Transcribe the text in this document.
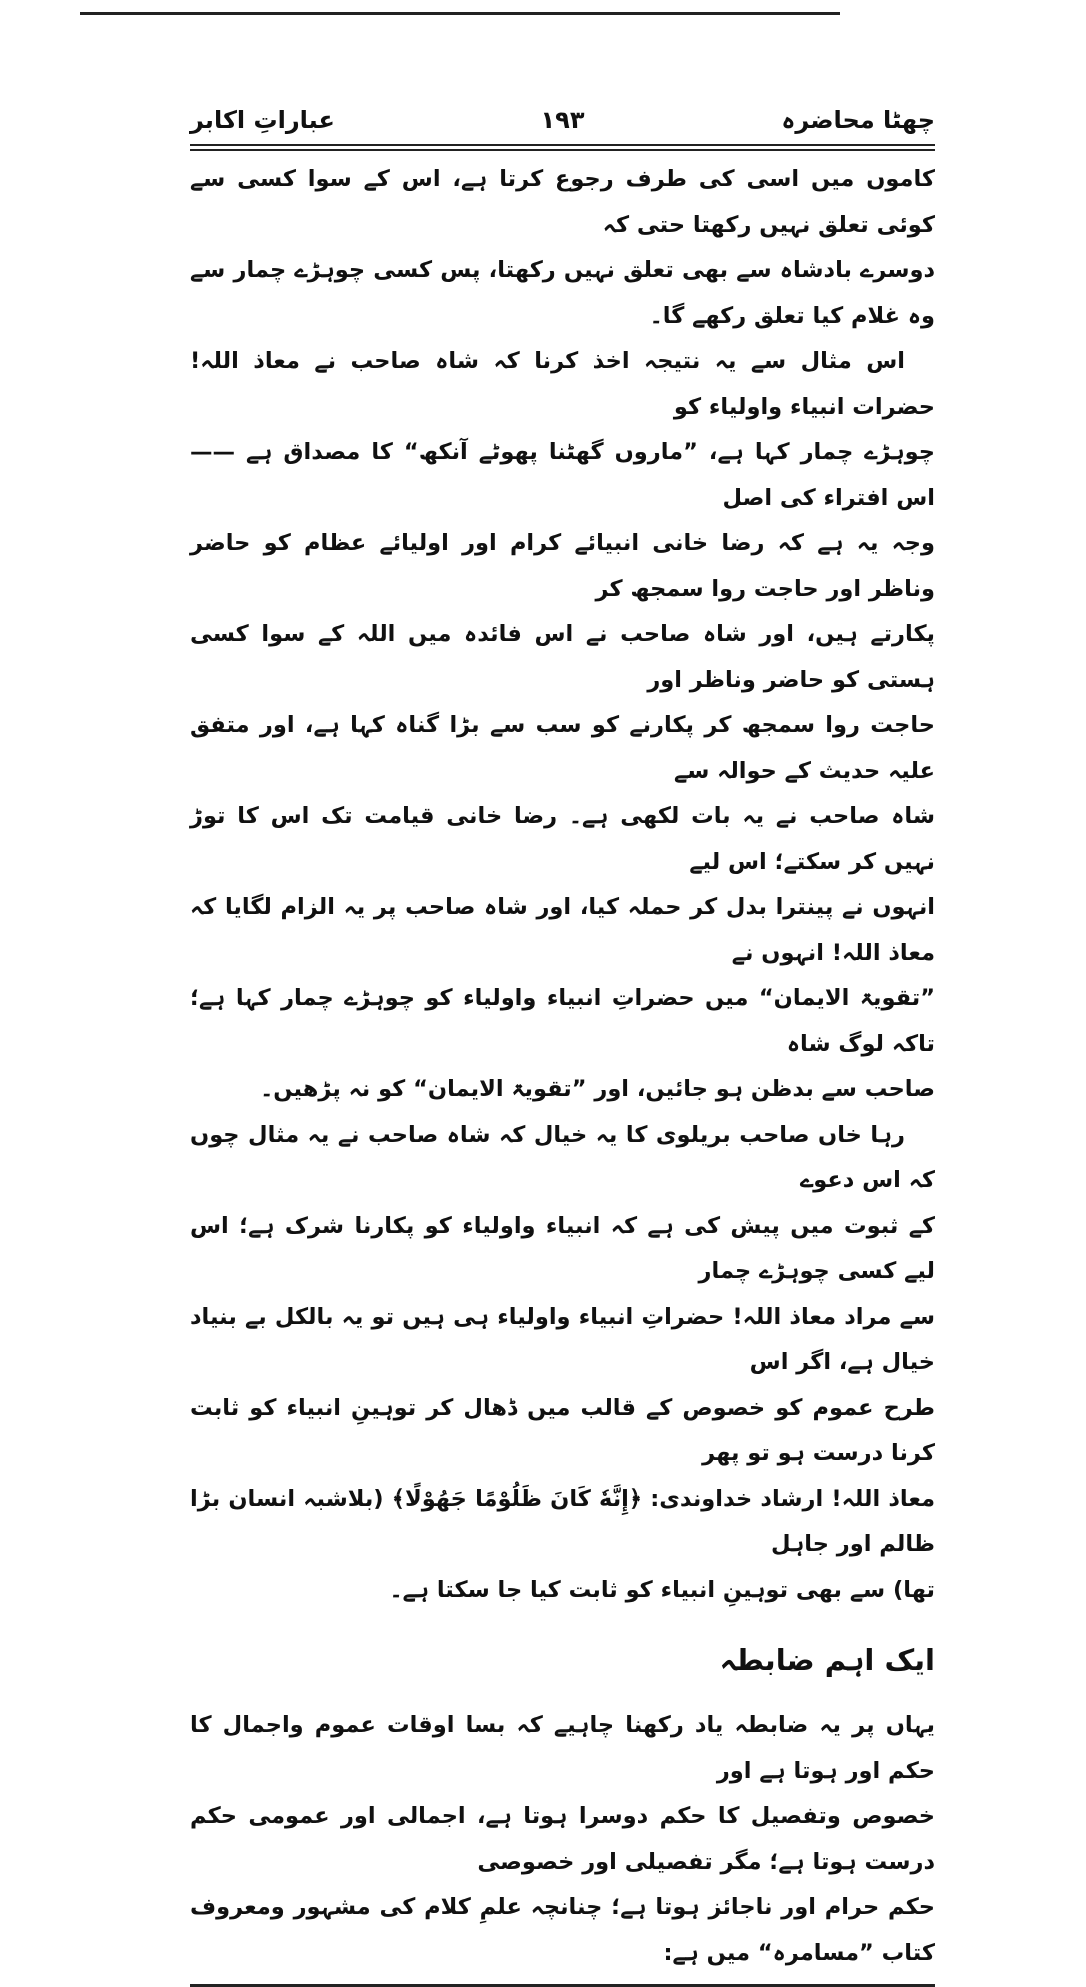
عباراتِ اکابر	۱۹۳	چھٹا محاضرہ

کاموں میں اسی کی طرف رجوع کرتا ہے، اس کے سوا کسی سے کوئی تعلق نہیں رکھتا حتی کہ
دوسرے بادشاہ سے بھی تعلق نہیں رکھتا، پس کسی چوہڑے چمار سے وہ غلام کیا تعلق رکھے گا۔

اس مثال سے یہ نتیجہ اخذ کرنا کہ شاہ صاحب نے معاذ اللہ! حضرات انبیاء واولیاء کو
چوہڑے چمار کہا ہے، ”ماروں گھٹنا پھوٹے آنکھ“ کا مصداق ہے —— اس افتراء کی اصل
وجہ یہ ہے کہ رضا خانی انبیائے کرام اور اولیائے عظام کو حاضر وناظر اور حاجت روا سمجھ کر
پکارتے ہیں، اور شاہ صاحب نے اس فائدہ میں اللہ کے سوا کسی ہستی کو حاضر وناظر اور
حاجت روا سمجھ کر پکارنے کو سب سے بڑا گناہ کہا ہے، اور متفق علیہ حدیث کے حوالہ سے
شاہ صاحب نے یہ بات لکھی ہے۔ رضا خانی قیامت تک اس کا توڑ نہیں کر سکتے؛ اس لیے
انہوں نے پینترا بدل کر حملہ کیا، اور شاہ صاحب پر یہ الزام لگایا کہ معاذ اللہ! انہوں نے
”تقویۃ الایمان“ میں حضراتِ انبیاء واولیاء کو چوہڑے چمار کہا ہے؛ تاکہ لوگ شاہ
صاحب سے بدظن ہو جائیں، اور ”تقویۃ الایمان“ کو نہ پڑھیں۔

رہا خاں صاحب بریلوی کا یہ خیال کہ شاہ صاحب نے یہ مثال چوں کہ اس دعوے
کے ثبوت میں پیش کی ہے کہ انبیاء واولیاء کو پکارنا شرک ہے؛ اس لیے کسی چوہڑے چمار
سے مراد معاذ اللہ! حضراتِ انبیاء واولیاء ہی ہیں تو یہ بالکل بے بنیاد خیال ہے، اگر اس
طرح عموم کو خصوص کے قالب میں ڈھال کر توہینِ انبیاء کو ثابت کرنا درست ہو تو پھر
معاذ اللہ! ارشاد خداوندی: ﴿إِنَّهٗ كَانَ ظَلُوْمًا جَهُوْلًا﴾ (بلاشبہ انسان بڑا ظالم اور جاہل
تھا) سے بھی توہینِ انبیاء کو ثابت کیا جا سکتا ہے۔

ایک اہم ضابطہ

یہاں پر یہ ضابطہ یاد رکھنا چاہیے کہ بسا اوقات عموم واجمال کا حکم اور ہوتا ہے اور
خصوص وتفصیل کا حکم دوسرا ہوتا ہے، اجمالی اور عمومی حکم درست ہوتا ہے؛ مگر تفصیلی اور خصوصی
حکم حرام اور ناجائز ہوتا ہے؛ چنانچہ علمِ کلام کی مشہور ومعروف کتاب ”مسامرہ“ میں ہے:
